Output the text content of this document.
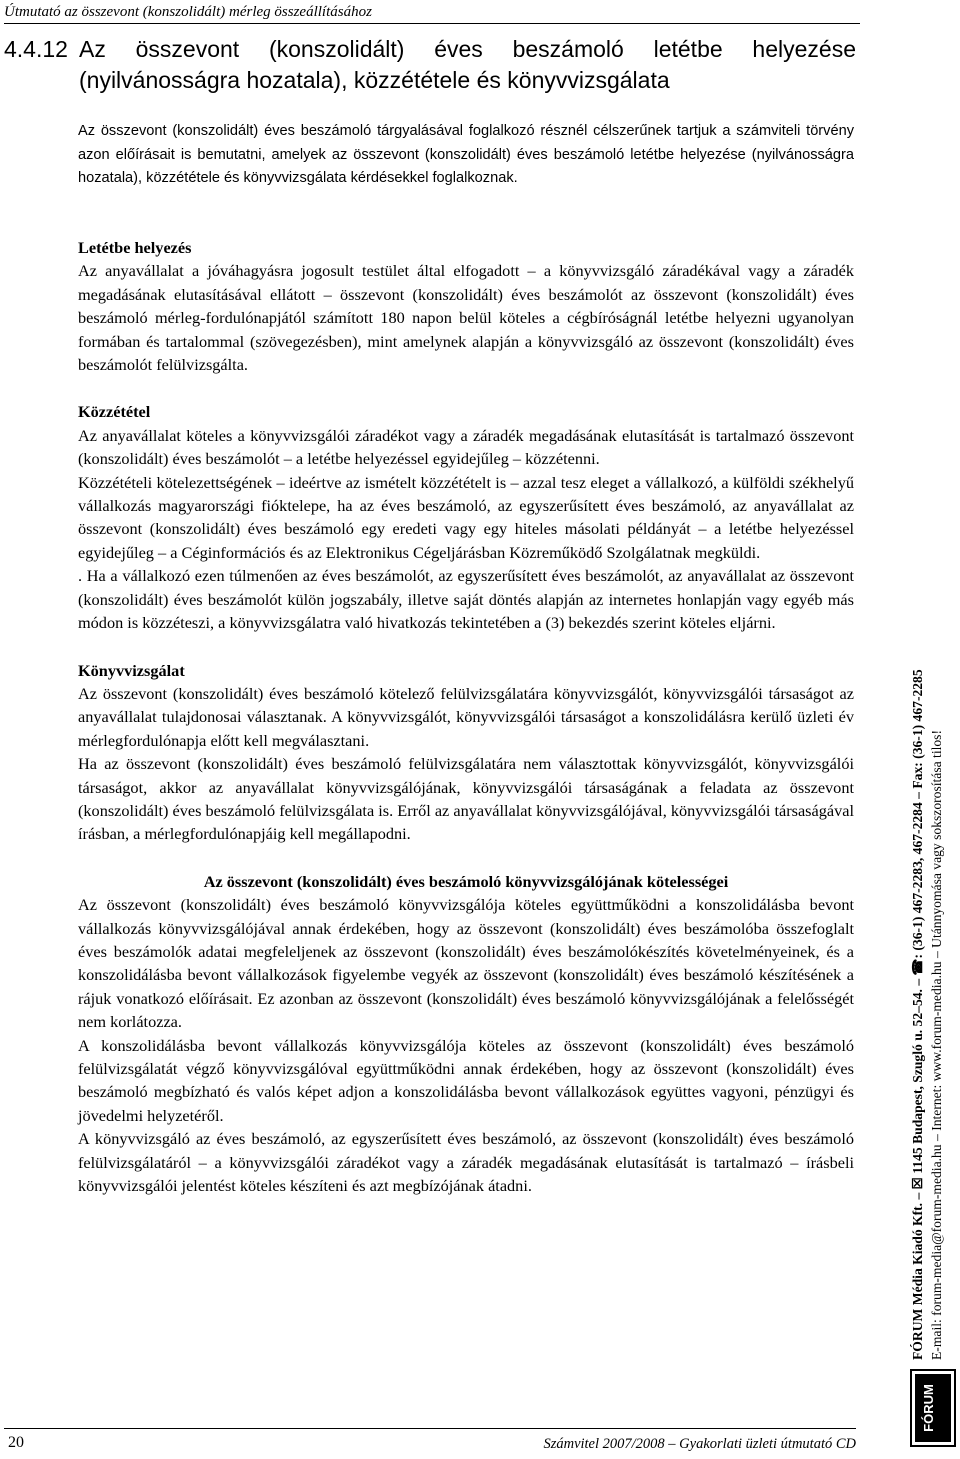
Útmutató az összevont (konszolidált) mérleg összeállításához
4.4.12 Az összevont (konszolidált) éves beszámoló letétbe helyezése (nyilvánosságra hozatala), közzététele és könyvvizsgálata
Az összevont (konszolidált) éves beszámoló tárgyalásával foglalkozó résznél célszerűnek tartjuk a számviteli törvény azon előírásait is bemutatni, amelyek az összevont (konszolidált) éves beszámoló letétbe helyezése (nyilvánosságra hozatala), közzététele és könyvvizsgálata kérdésekkel foglalkoznak.

Letétbe helyezés

Az anyavállalat a jóváhagyásra jogosult testület által elfogadott – a könyvvizsgáló záradékával vagy a záradék megadásának elutasításával ellátott – összevont (konszolidált) éves beszámolót az összevont (konszolidált) éves beszámoló mérleg-fordulónapjától számított 180 napon belül köteles a cégbíróságnál letétbe helyezni ugyanolyan formában és tartalommal (szövegezésben), mint amelynek alapján a könyvvizsgáló az összevont (konszolidált) éves beszámolót felülvizsgálta.

Közzététel

Az anyavállalat köteles a könyvvizsgálói záradékot vagy a záradék megadásának elutasítását is tartalmazó összevont (konszolidált) éves beszámolót – a letétbe helyezéssel egyidejűleg – közzétenni.

Közzétételi kötelezettségének – ideértve az ismételt közzétételt is – azzal tesz eleget a vállalkozó, a külföldi székhelyű vállalkozás magyarországi fióktelepe, ha az éves beszámoló, az egyszerűsített éves beszámoló, az anyavállalat az összevont (konszolidált) éves beszámoló egy eredeti vagy egy hiteles másolati példányát – a letétbe helyezéssel egyidejűleg – a Céginformációs és az Elektronikus Cégeljárásban Közreműködő Szolgálatnak megküldi.

. Ha a vállalkozó ezen túlmenően az éves beszámolót, az egyszerűsített éves beszámolót, az anyavállalat az összevont (konszolidált) éves beszámolót külön jogszabály, illetve saját döntés alapján az internetes honlapján vagy egyéb más módon is közzéteszi, a könyvvizsgálatra való hivatkozás tekintetében a (3) bekezdés szerint köteles eljárni.

Könyvvizsgálat

Az összevont (konszolidált) éves beszámoló kötelező felülvizsgálatára könyvvizsgálót, könyvvizsgálói társaságot az anyavállalat tulajdonosai választanak. A könyvvizsgálót, könyvvizsgálói társaságot a konszolidálásra kerülő üzleti év mérlegfordulónapja előtt kell megválasztani.

Ha az összevont (konszolidált) éves beszámoló felülvizsgálatára nem választottak könyvvizsgálót, könyvvizsgálói társaságot, akkor az anyavállalat könyvvizsgálójának, könyvvizsgálói társaságának a feladata az összevont (konszolidált) éves beszámoló felülvizsgálata is. Erről az anyavállalat könyvvizsgálójával, könyvvizsgálói társaságával írásban, a mérlegfordulónapjáig kell megállapodni.

Az összevont (konszolidált) éves beszámoló könyvvizsgálójának kötelességei

Az összevont (konszolidált) éves beszámoló könyvvizsgálója köteles együttműködni a konszolidálásba bevont vállalkozás könyvvizsgálójával annak érdekében, hogy az összevont (konszolidált) éves beszámolóba összefoglalt éves beszámolók adatai megfeleljenek az összevont (konszolidált) éves beszámolókészítés követelményeinek, és a konszolidálásba bevont vállalkozások figyelembe vegyék az összevont (konszolidált) éves beszámoló készítésének a rájuk vonatkozó előírásait. Ez azonban az összevont (konszolidált) éves beszámoló könyvvizsgálójának a felelősségét nem korlátozza.

A konszolidálásba bevont vállalkozás könyvvizsgálója köteles az összevont (konszolidált) éves beszámoló felülvizsgálatát végző könyvvizsgálóval együttműködni annak érdekében, hogy az összevont (konszolidált) éves beszámoló megbízható és valós képet adjon a konszolidálásba bevont vállalkozások együttes vagyoni, pénzügyi és jövedelmi helyzetéről.

A könyvvizsgáló az éves beszámoló, az egyszerűsített éves beszámoló, az összevont (konszolidált) éves beszámoló felülvizsgálatáról – a könyvvizsgálói záradékot vagy a záradék megadásának elutasítását is tartalmazó – írásbeli könyvvizsgálói jelentést köteles készíteni és azt megbízójának átadni.	FÓRUM Média Kiadó Kft. – ☒ 1145 Budapest, Szugló u. 52–54. – ☎: (36-1) 467-2283, 467-2284 – Fax: (36-1) 467-2285 E-mail: forum-media@forum-media.hu – Internet: www.forum-media.hu – Utánnyomása vagy sokszorosítása tilos!
FÓRUM
20	Számvitel 2007/2008 – Gyakorlati üzleti útmutató CD
